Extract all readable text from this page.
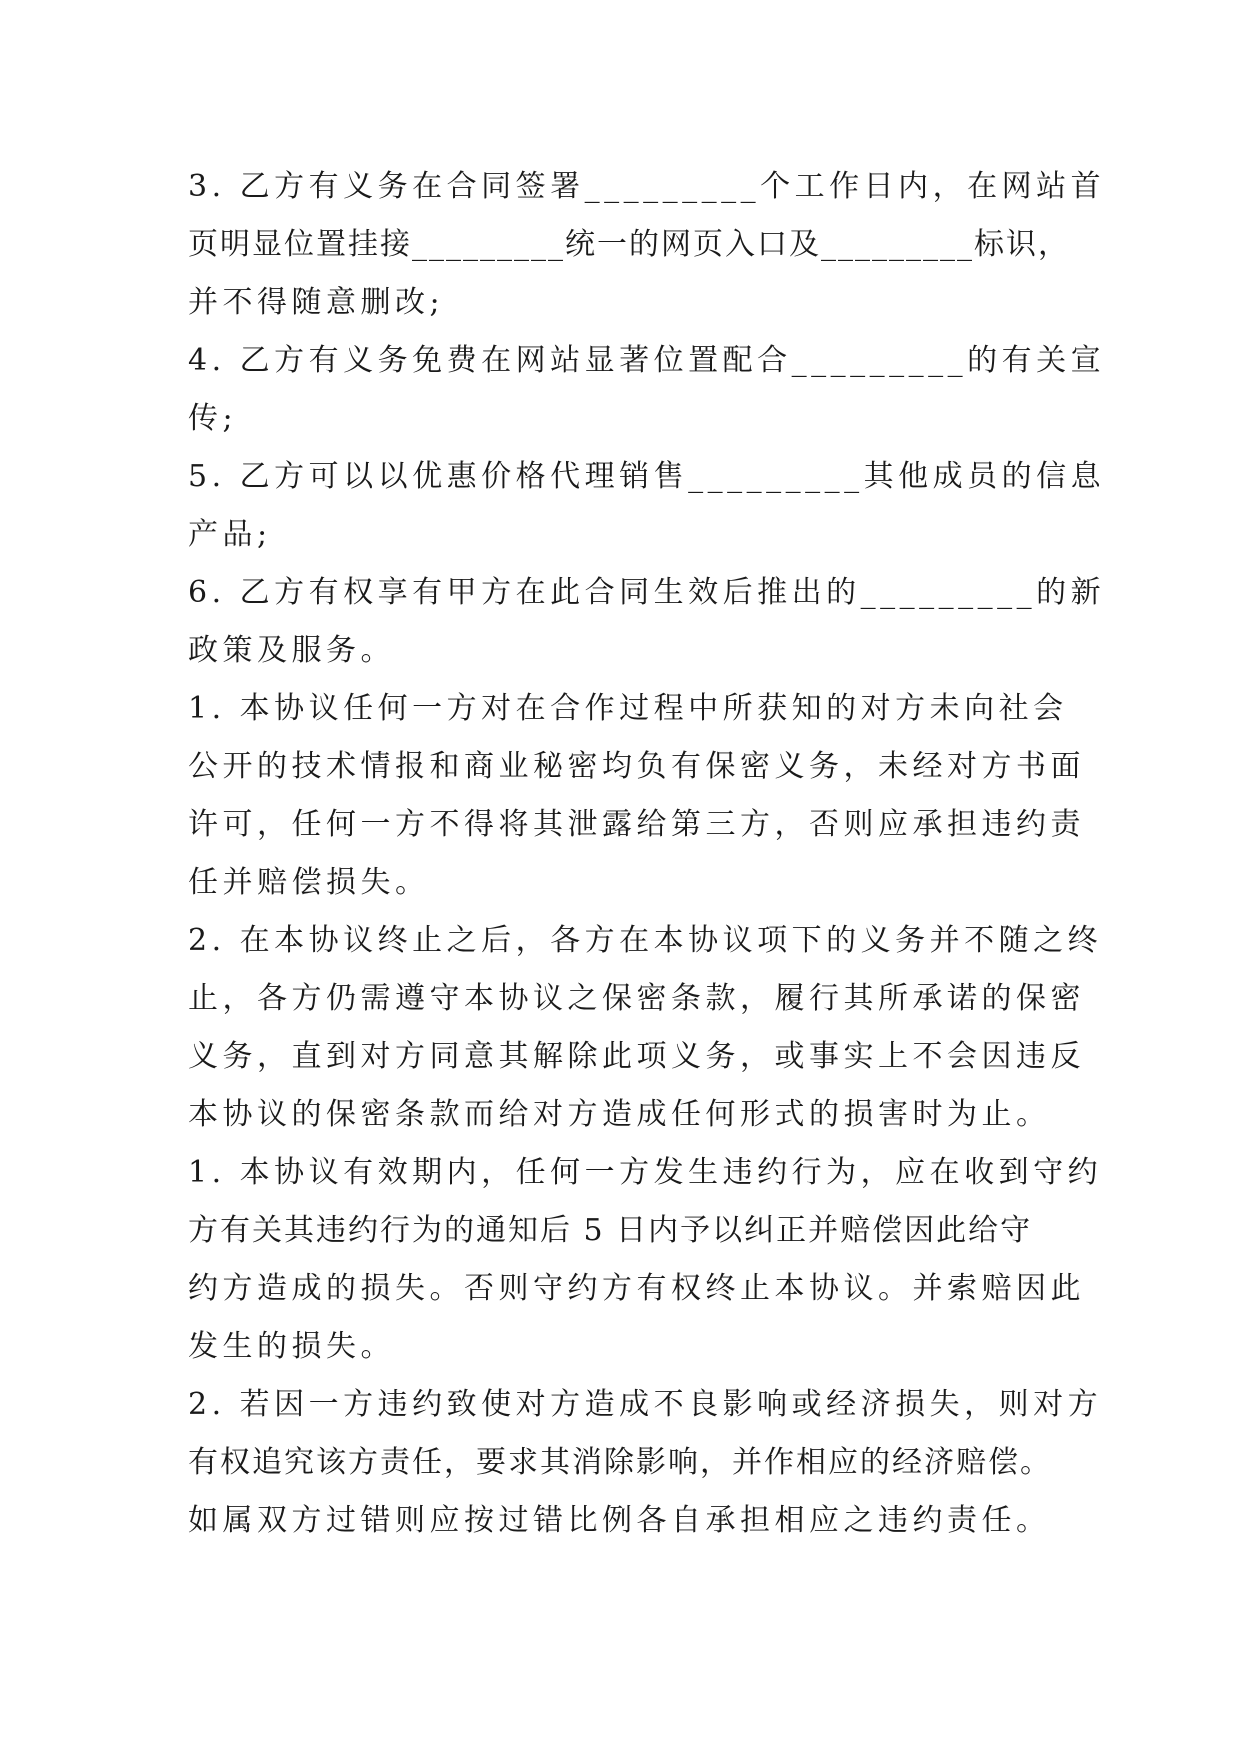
3. 乙方有义务在合同签署_________个工作日内，在网站首
页明显位置挂接_________统一的网页入口及_________标识，
并不得随意删改;
4. 乙方有义务免费在网站显著位置配合_________的有关宣
传;
5. 乙方可以以优惠价格代理销售_________其他成员的信息
产品;
6. 乙方有权享有甲方在此合同生效后推出的_________的新
政策及服务。
1. 本协议任何一方对在合作过程中所获知的对方未向社会
公开的技术情报和商业秘密均负有保密义务，未经对方书面
许可，任何一方不得将其泄露给第三方，否则应承担违约责
任并赔偿损失。
2. 在本协议终止之后，各方在本协议项下的义务并不随之终
止，各方仍需遵守本协议之保密条款，履行其所承诺的保密
义务，直到对方同意其解除此项义务，或事实上不会因违反
本协议的保密条款而给对方造成任何形式的损害时为止。
1. 本协议有效期内，任何一方发生违约行为，应在收到守约
方有关其违约行为的通知后 5 日内予以纠正并赔偿因此给守
约方造成的损失。否则守约方有权终止本协议。并索赔因此
发生的损失。
2. 若因一方违约致使对方造成不良影响或经济损失，则对方
有权追究该方责任，要求其消除影响，并作相应的经济赔偿。
如属双方过错则应按过错比例各自承担相应之违约责任。
